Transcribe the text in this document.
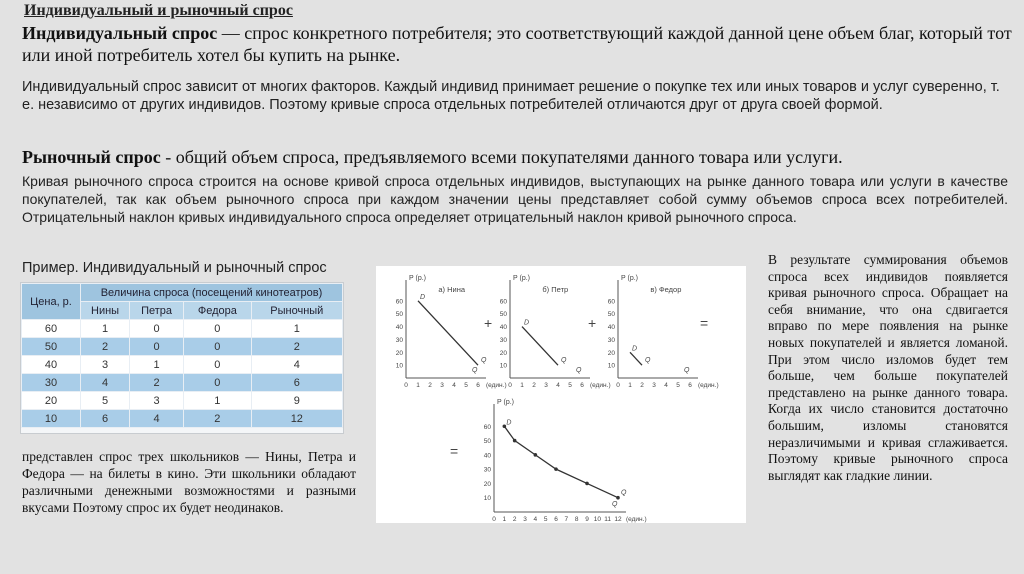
Индивидуальный и рыночный спрос
Индивидуальный спрос — спрос конкретного потребителя; это соответствующий каждой данной цене объем благ, который тот или иной потребитель хотел бы купить на рынке.
Индивидуальный спрос зависит от многих факторов. Каждый индивид принимает решение о покупке тех или иных товаров и услуг суверенно, т. е. независимо от других индивидов. Поэтому кривые спроса отдельных потребителей отличаются друг от друга своей формой.
Рыночный спрос - общий объем спроса, предъявляемого всеми покупателями данного товара или услуги.
Кривая рыночного спроса строится на основе кривой спроса отдельных индивидов, выступающих на рынке данного товара или услуги в качестве покупателей, так как объем рыночного спроса при каждом значении цены представляет собой сумму объемов спроса всех потребителей. Отрицательный наклон кривых индивидуального спроса определяет отрицательный наклон кривой рыночного спроса.
Пример. Индивидуальный и рыночный спрос
Цена, р.	Величина спроса (посещений кинотеатров)			
	Нины	Петра	Федора	Рыночный
60	1	0	0	1
50	2	0	0	2
40	3	1	0	4
30	4	2	0	6
20	5	3	1	9
10	6	4	2	12
представлен спрос трех школьников — Нины, Петра и Федора — на билеты в кино. Эти школьники обладают различными денежными возможностями и разными вкусами Поэтому спрос их будет неодинаков.
+	+	=
=
P (р.)
Q
10
20
30
40
50
60
0 1 2 3 4 5 6 (един.)
а) Нина
D
Q
P (р.)
Q
10
20
30
40
50
60
0 1 2 3 4 5 6 (един.)
б) Петр
D
Q
P (р.)
Q
10
20
30
40
50
60
0 1 2 3 4 5 6 (един.)
в) Федор
D
Q
P (р.)
Q
10
20
30
40
50
60
0 1 2 3 4 5 6 7 8 9 10 11 12 (един.)
D
Q
В результате суммирования объемов спроса всех индивидов появляется кривая рыночного спроса. Обращает на себя внимание, что она сдвигается вправо по мере появления на рынке новых покупателей и является ломаной. При этом число изломов будет тем больше, чем больше покупателей представлено на рынке данного товара. Когда их число становится достаточно большим, изломы становятся неразличимыми и кривая сглаживается. Поэтому кривые рыночного спроса выглядят как гладкие линии.
